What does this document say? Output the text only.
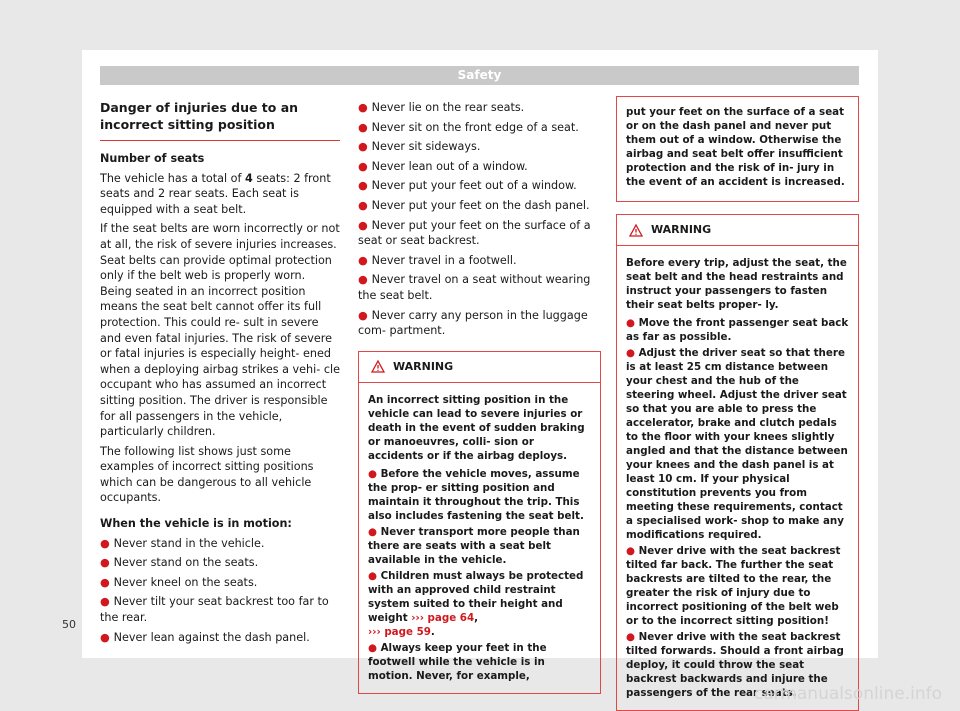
Safety
Danger of injuries due to an incorrect sitting position

Number of seats

The vehicle has a total of 4 seats: 2 front seats and 2 rear seats. Each seat is equipped with a seat belt.

If the seat belts are worn incorrectly or not at all, the risk of severe injuries increases. Seat belts can provide optimal protection only if the belt web is properly worn. Being seated in an incorrect position means the seat belt cannot offer its full protection. This could re- sult in severe and even fatal injuries. The risk of severe or fatal injuries is especially height- ened when a deploying airbag strikes a vehi- cle occupant who has assumed an incorrect sitting position. The driver is responsible for all passengers in the vehicle, particularly children.

The following list shows just some examples of incorrect sitting positions which can be dangerous to all vehicle occupants.

When the vehicle is in motion:

● Never stand in the vehicle.
● Never stand on the seats.
● Never kneel on the seats.
● Never tilt your seat backrest too far to the rear.
● Never lean against the dash panel.
● Never lie on the rear seats.
● Never sit on the front edge of a seat.
● Never sit sideways.
● Never lean out of a window.
● Never put your feet out of a window.
● Never put your feet on the dash panel.
● Never put your feet on the surface of a seat or seat backrest.
● Never travel in a footwell.
● Never travel on a seat without wearing the seat belt.
● Never carry any person in the luggage com- partment.
WARNING

An incorrect sitting position in the vehicle can lead to severe injuries or death in the event of sudden braking or manoeuvres, colli- sion or accidents or if the airbag deploys.

● Before the vehicle moves, assume the prop- er sitting position and maintain it throughout the trip. This also includes fastening the seat belt.
● Never transport more people than there are seats with a seat belt available in the vehicle.
● Children must always be protected with an approved child restraint system suited to their height and weight ››› page 64,
››› page 59.
● Always keep your feet in the footwell while the vehicle is in motion. Never, for example,

put your feet on the surface of a seat or on the dash panel and never put them out of a window. Otherwise the airbag and seat belt offer insufficient protection and the risk of in- jury in the event of an accident is increased.

WARNING

Before every trip, adjust the seat, the seat belt and the head restraints and instruct your passengers to fasten their seat belts proper- ly.

● Move the front passenger seat back as far as possible.
● Adjust the driver seat so that there is at least 25 cm distance between your chest and the hub of the steering wheel. Adjust the driver seat so that you are able to press the accelerator, brake and clutch pedals to the floor with your knees slightly angled and that the distance between your knees and the dash panel is at least 10 cm. If your physical constitution prevents you from meeting these requirements, contact a specialised work- shop to make any modifications required.
● Never drive with the seat backrest tilted far back. The further the seat backrests are tilted to the rear, the greater the risk of injury due to incorrect positioning of the belt web or to the incorrect sitting position!
● Never drive with the seat backrest tilted forwards. Should a front airbag deploy, it could throw the seat backrest backwards and injure the passengers of the rear seats.
50
carmanualsonline.info
